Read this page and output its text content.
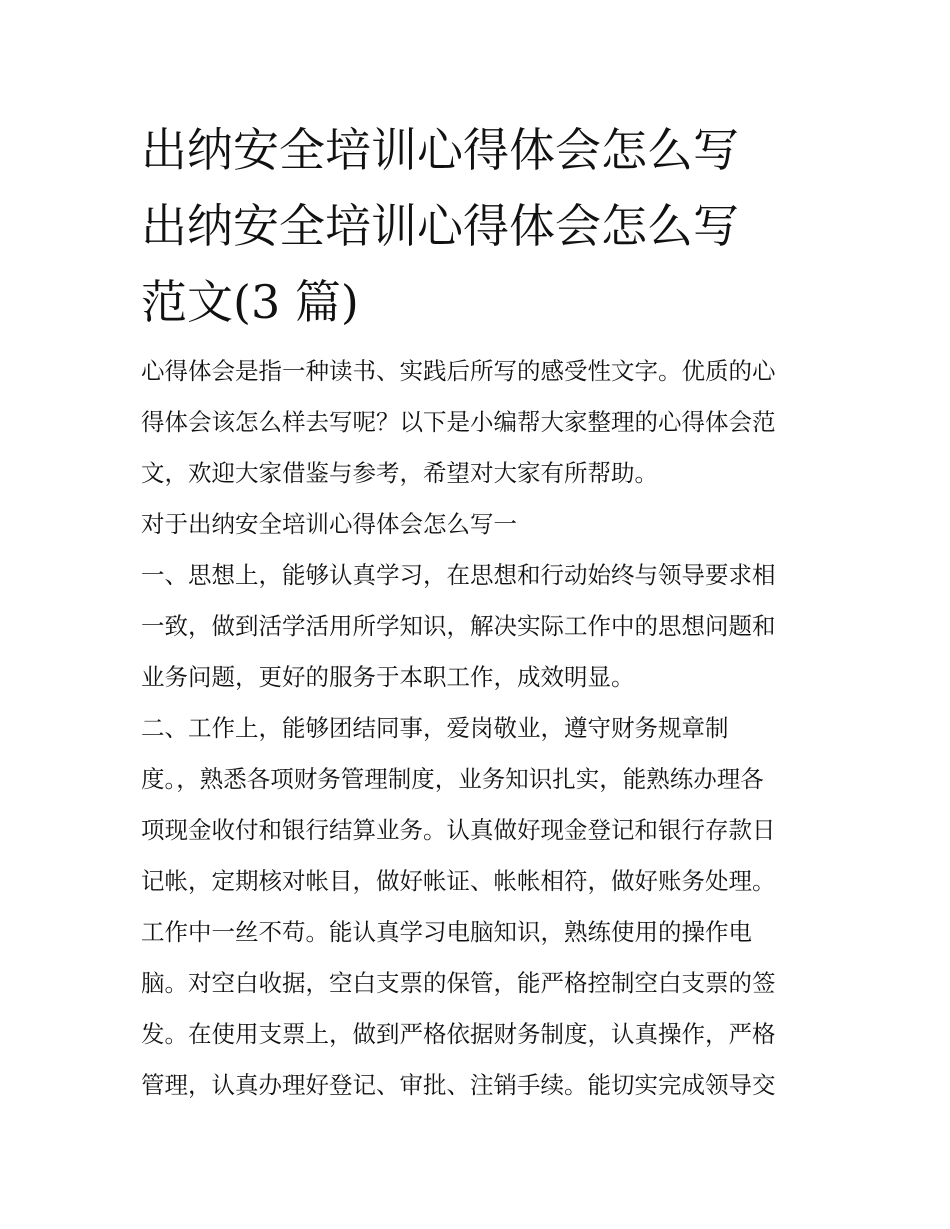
出纳安全培训心得体会怎么写
出纳安全培训心得体会怎么写
范文(3 篇)
心得体会是指一种读书、实践后所写的感受性文字。优质的心
得体会该怎么样去写呢？以下是小编帮大家整理的心得体会范
文，欢迎大家借鉴与参考，希望对大家有所帮助。
对于出纳安全培训心得体会怎么写一
一、思想上，能够认真学习，在思想和行动始终与领导要求相
一致，做到活学活用所学知识，解决实际工作中的思想问题和
业务问题，更好的服务于本职工作，成效明显。
二、工作上，能够团结同事，爱岗敬业，遵守财务规章制
度。，熟悉各项财务管理制度，业务知识扎实，能熟练办理各
项现金收付和银行结算业务。认真做好现金登记和银行存款日
记帐，定期核对帐目，做好帐证、帐帐相符，做好账务处理。
工作中一丝不苟。能认真学习电脑知识，熟练使用的操作电
脑。对空白收据，空白支票的保管，能严格控制空白支票的签
发。在使用支票上，做到严格依据财务制度，认真操作，严格
管理，认真办理好登记、审批、注销手续。能切实完成领导交
